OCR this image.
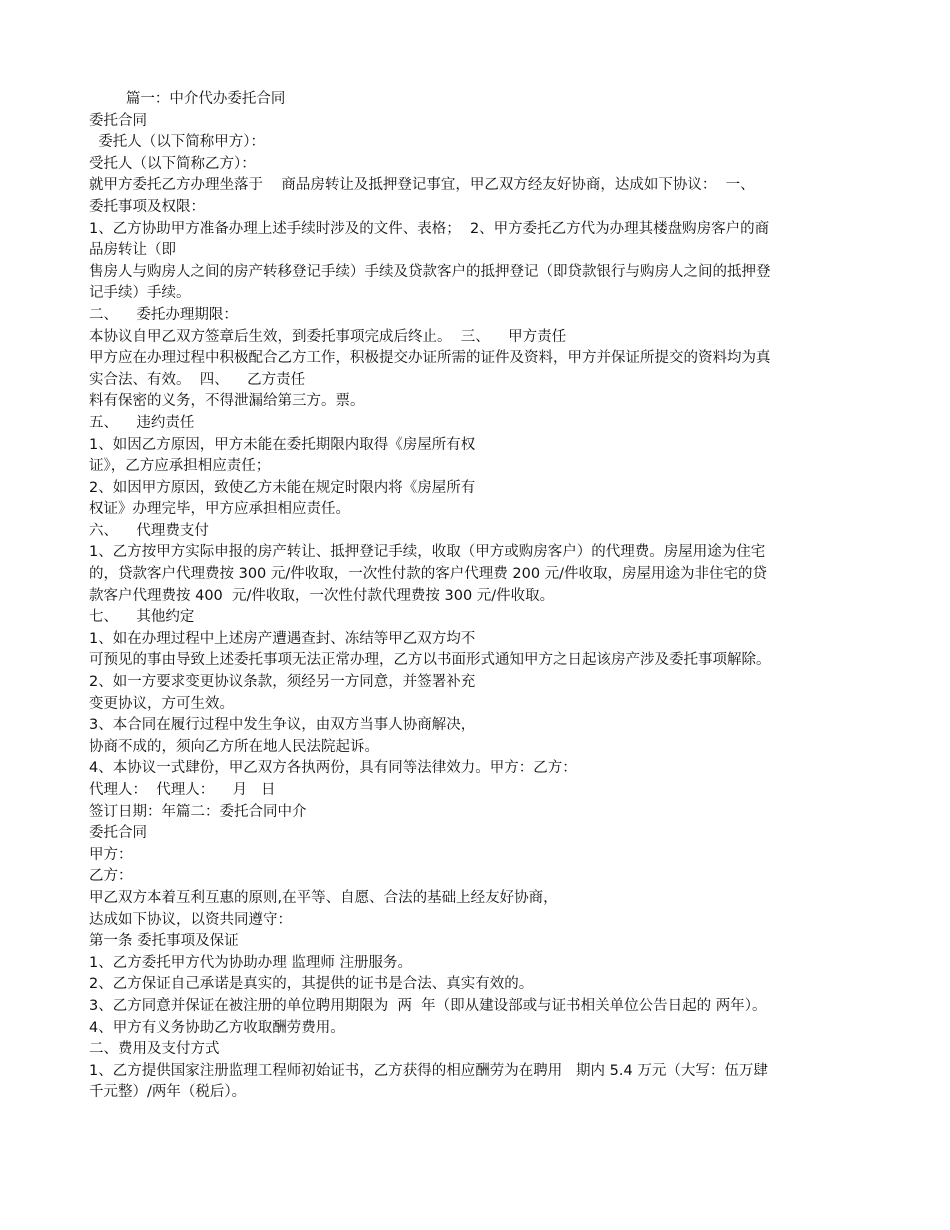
篇一：中介代办委托合同
委托合同
委托人（以下简称甲方）：
受托人（以下简称乙方）：
就甲方委托乙方办理坐落于    商品房转让及抵押登记事宜，甲乙双方经友好协商，达成如下协议：  一、
委托事项及权限：
1、乙方协助甲方准备办理上述手续时涉及的文件、表格；  2、甲方委托乙方代为办理其楼盘购房客户的商
品房转让（即
售房人与购房人之间的房产转移登记手续）手续及贷款客户的抵押登记（即贷款银行与购房人之间的抵押登
记手续）手续。
二、    委托办理期限：
本协议自甲乙双方签章后生效，到委托事项完成后终止。  三、    甲方责任
甲方应在办理过程中积极配合乙方工作，积极提交办证所需的证件及资料，甲方并保证所提交的资料均为真
实合法、有效。  四、    乙方责任
料有保密的义务，不得泄漏给第三方。票。
五、    违约责任
1、如因乙方原因，甲方未能在委托期限内取得《房屋所有权
证》，乙方应承担相应责任；
2、如因甲方原因，致使乙方未能在规定时限内将《房屋所有
权证》办理完毕，甲方应承担相应责任。
六、    代理费支付
1、乙方按甲方实际申报的房产转让、抵押登记手续，收取（甲方或购房客户）的代理费。房屋用途为住宅
的，贷款客户代理费按 300 元/件收取，一次性付款的客户代理费 200 元/件收取，房屋用途为非住宅的贷
款客户代理费按 400  元/件收取，一次性付款代理费按 300 元/件收取。
七、    其他约定
1、如在办理过程中上述房产遭遇查封、冻结等甲乙双方均不
可预见的事由导致上述委托事项无法正常办理，乙方以书面形式通知甲方之日起该房产涉及委托事项解除。
2、如一方要求变更协议条款，须经另一方同意，并签署补充
变更协议，方可生效。
3、本合同在履行过程中发生争议，由双方当事人协商解决，
协商不成的，须向乙方所在地人民法院起诉。
4、本协议一式肆份，甲乙双方各执两份，具有同等法律效力。甲方：乙方：
代理人：  代理人：    月   日
签订日期：年篇二：委托合同中介
委托合同
甲方：
乙方：
甲乙双方本着互利互惠的原则,在平等、自愿、合法的基础上经友好协商，
达成如下协议，以资共同遵守：
第一条 委托事项及保证
1、乙方委托甲方代为协助办理 监理师 注册服务。
2、乙方保证自己承诺是真实的，其提供的证书是合法、真实有效的。
3、乙方同意并保证在被注册的单位聘用期限为  两  年（即从建设部或与证书相关单位公告日起的 两年）。
4、甲方有义务协助乙方收取酬劳费用。
二、费用及支付方式
1、乙方提供国家注册监理工程师初始证书，乙方获得的相应酬劳为在聘用   期内 5.4 万元（大写：伍万肆
千元整）/两年（税后）。
